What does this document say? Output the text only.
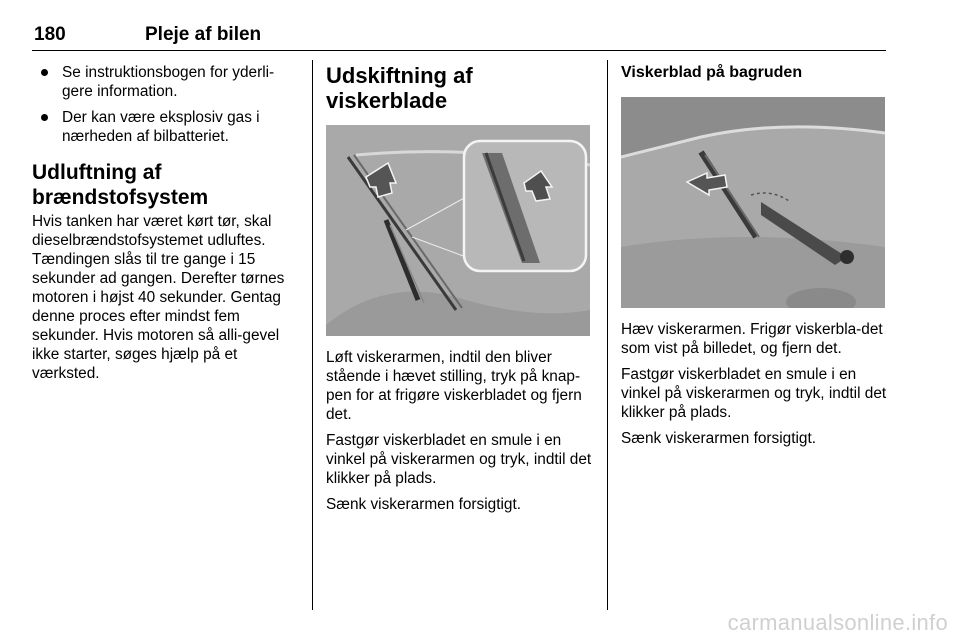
180	Pleje af bilen
Se instruktionsbogen for yderli-gere information.
Der kan være eksplosiv gas i nærheden af bilbatteriet.
Udluftning af brændstofsystem

Hvis tanken har været kørt tør, skal dieselbrændstofsystemet udluftes. Tændingen slås til tre gange i 15 sekunder ad gangen. Derefter tørnes motoren i højst 40 sekunder. Gentag denne proces efter mindst fem sekunder. Hvis motoren så alli-gevel ikke starter, søges hjælp på et værksted.

Udskiftning af viskerblade

Løft viskerarmen, indtil den bliver stående i hævet stilling, tryk på knap-pen for at frigøre viskerbladet og fjern det.

Fastgør viskerbladet en smule i en vinkel på viskerarmen og tryk, indtil det klikker på plads.

Sænk viskerarmen forsigtigt.

Viskerblad på bagruden

Hæv viskerarmen. Frigør viskerbla-det som vist på billedet, og fjern det.

Fastgør viskerbladet en smule i en vinkel på viskerarmen og tryk, indtil det klikker på plads.

Sænk viskerarmen forsigtigt.

carmanualsonline.info
